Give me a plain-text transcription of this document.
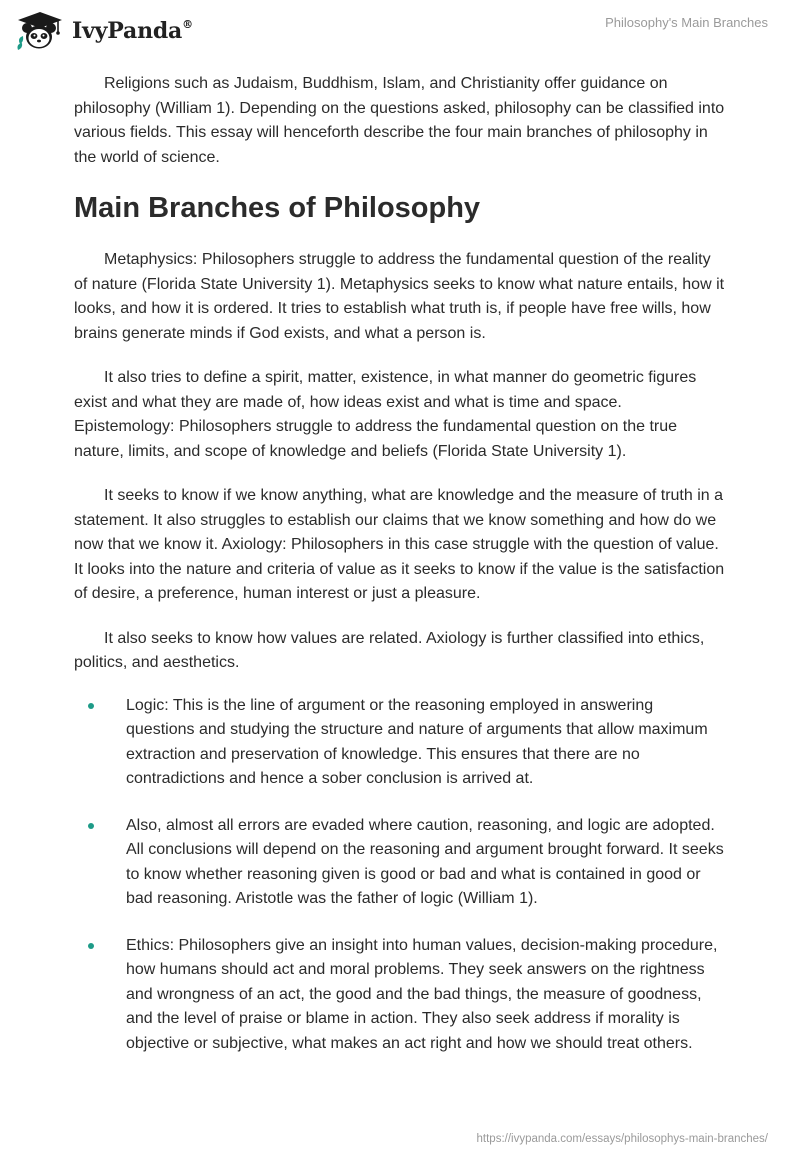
IvyPanda®	Philosophy's Main Branches

Religions such as Judaism, Buddhism, Islam, and Christianity offer guidance on philosophy (William 1). Depending on the questions asked, philosophy can be classified into various fields. This essay will henceforth describe the four main branches of philosophy in the world of science.

Main Branches of Philosophy

Metaphysics: Philosophers struggle to address the fundamental question of the reality of nature (Florida State University 1). Metaphysics seeks to know what nature entails, how it looks, and how it is ordered. It tries to establish what truth is, if people have free wills, how brains generate minds if God exists, and what a person is.

It also tries to define a spirit, matter, existence, in what manner do geometric figures exist and what they are made of, how ideas exist and what is time and space. Epistemology: Philosophers struggle to address the fundamental question on the true nature, limits, and scope of knowledge and beliefs (Florida State University 1).

It seeks to know if we know anything, what are knowledge and the measure of truth in a statement. It also struggles to establish our claims that we know something and how do we now that we know it. Axiology: Philosophers in this case struggle with the question of value. It looks into the nature and criteria of value as it seeks to know if the value is the satisfaction of desire, a preference, human interest or just a pleasure.

It also seeks to know how values are related. Axiology is further classified into ethics, politics, and aesthetics.

Logic: This is the line of argument or the reasoning employed in answering questions and studying the structure and nature of arguments that allow maximum extraction and preservation of knowledge. This ensures that there are no contradictions and hence a sober conclusion is arrived at.
Also, almost all errors are evaded where caution, reasoning, and logic are adopted. All conclusions will depend on the reasoning and argument brought forward. It seeks to know whether reasoning given is good or bad and what is contained in good or bad reasoning. Aristotle was the father of logic (William 1).
Ethics: Philosophers give an insight into human values, decision-making procedure, how humans should act and moral problems. They seek answers on the rightness and wrongness of an act, the good and the bad things, the measure of goodness, and the level of praise or blame in action. They also seek address if morality is objective or subjective, what makes an act right and how we should treat others.
https://ivypanda.com/essays/philosophys-main-branches/
